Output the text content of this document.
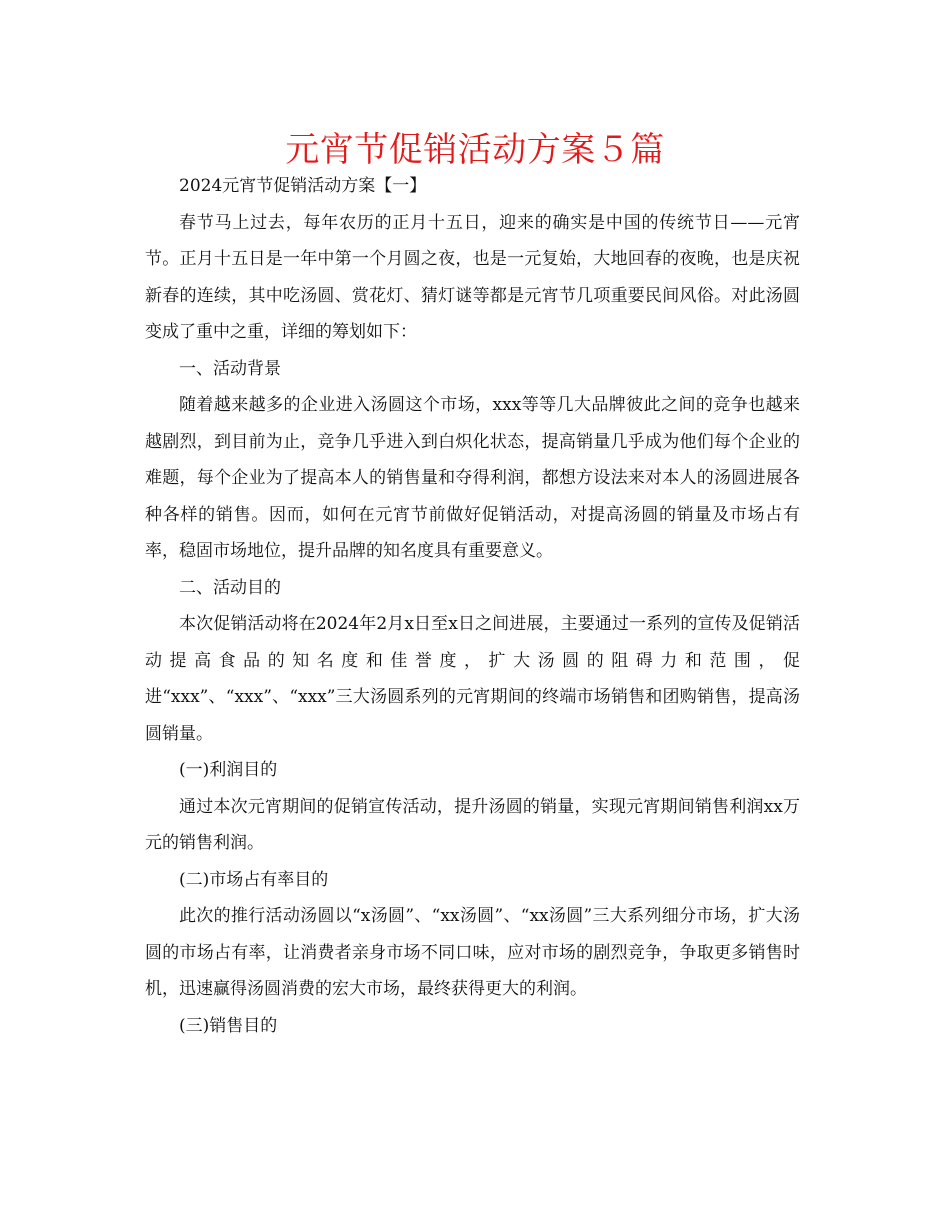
元宵节促销活动方案５篇

2024元宵节促销活动方案【一】

春节马上过去，每年农历的正月十五日，迎来的确实是中国的传统节日——元宵节。正月十五日是一年中第一个月圆之夜，也是一元复始，大地回春的夜晚，也是庆祝新春的连续，其中吃汤圆、赏花灯、猜灯谜等都是元宵节几项重要民间风俗。对此汤圆变成了重中之重，详细的筹划如下：

一、活动背景

随着越来越多的企业进入汤圆这个市场，xxx等等几大品牌彼此之间的竞争也越来越剧烈，到目前为止，竞争几乎进入到白炽化状态，提高销量几乎成为他们每个企业的难题，每个企业为了提高本人的销售量和夺得利润，都想方设法来对本人的汤圆进展各种各样的销售。因而，如何在元宵节前做好促销活动，对提高汤圆的销量及市场占有率，稳固市场地位，提升品牌的知名度具有重要意义。

二、活动目的

本次促销活动将在2024年2月x日至x日之间进展，主要通过一系列的宣传及促销活动提高食品的知名度和佳誉度，扩大汤圆的阻碍力和范围，促进“xxx”、“xxx”、“xxx”三大汤圆系列的元宵期间的终端市场销售和团购销售，提高汤圆销量。

(一)利润目的

通过本次元宵期间的促销宣传活动，提升汤圆的销量，实现元宵期间销售利润xx万元的销售利润。

(二)市场占有率目的

此次的推行活动汤圆以“x汤圆”、“xx汤圆”、“xx汤圆”三大系列细分市场，扩大汤圆的市场占有率，让消费者亲身市场不同口味，应对市场的剧烈竞争，争取更多销售时机，迅速赢得汤圆消费的宏大市场，最终获得更大的利润。

(三)销售目的
